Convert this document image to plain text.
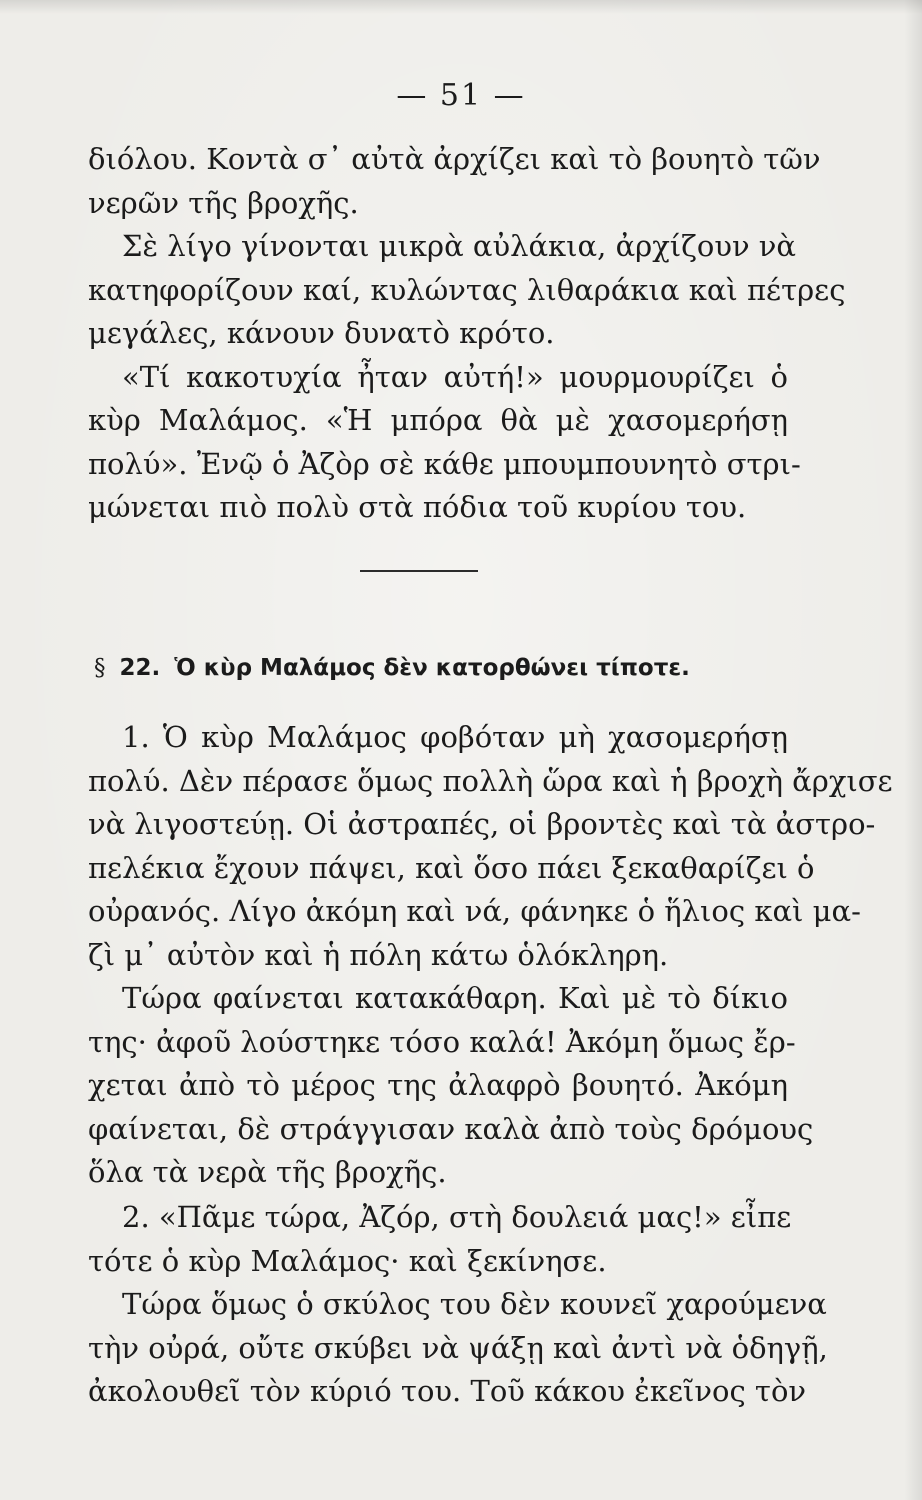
— 51 —
διόλου. Κοντὰ σ᾽ αὐτὰ ἀρχίζει καὶ τὸ βουητὸ τῶν
νερῶν τῆς βροχῆς.
Σὲ λίγο γίνονται μικρὰ αὐλάκια, ἀρχίζουν νὰ
κατηφορίζουν καί, κυλώντας λιθαράκια καὶ πέτρες
μεγάλες, κάνουν δυνατὸ κρότο.
«Τί κακοτυχία ἦταν αὐτή!» μουρμουρίζει ὁ
κὺρ Μαλάμος. «Ἡ μπόρα θὰ μὲ χασομερήσῃ
πολύ». Ἐνῷ ὁ Ἀζὸρ σὲ κάθε μπουμπουνητὸ στρι-
μώνεται πιὸ πολὺ στὰ πόδια τοῦ κυρίου του.
§ 22. Ὁ κὺρ Μαλάμος δὲν κατορθώνει τίποτε.
1. Ὁ κὺρ Μαλάμος φοβόταν μὴ χασομερήσῃ
πολύ. Δὲν πέρασε ὅμως πολλὴ ὥρα καὶ ἡ βροχὴ ἄρχισε
νὰ λιγοστεύῃ. Οἱ ἀστραπές, οἱ βροντὲς καὶ τὰ ἀστρο-
πελέκια ἔχουν πάψει, καὶ ὅσο πάει ξεκαθαρίζει ὁ
οὐρανός. Λίγο ἀκόμη καὶ νά, φάνηκε ὁ ἥλιος καὶ μα-
ζὶ μ᾽ αὐτὸν καὶ ἡ πόλη κάτω ὁλόκληρη.
Τώρα φαίνεται κατακάθαρη. Καὶ μὲ τὸ δίκιο
της· ἀφοῦ λούστηκε τόσο καλά! Ἀκόμη ὅμως ἔρ-
χεται ἀπὸ τὸ μέρος της ἀλαφρὸ βουητό. Ἀκόμη
φαίνεται, δὲ στράγγισαν καλὰ ἀπὸ τοὺς δρόμους
ὅλα τὰ νερὰ τῆς βροχῆς.
2. «Πᾶμε τώρα, Ἀζόρ, στὴ δουλειά μας!» εἶπε
τότε ὁ κὺρ Μαλάμος· καὶ ξεκίνησε.
Τώρα ὅμως ὁ σκύλος του δὲν κουνεῖ χαρούμενα
τὴν οὐρά, οὔτε σκύβει νὰ ψάξῃ καὶ ἀντὶ νὰ ὁδηγῇ,
ἀκολουθεῖ τὸν κύριό του. Τοῦ κάκου ἐκεῖνος τὸν
